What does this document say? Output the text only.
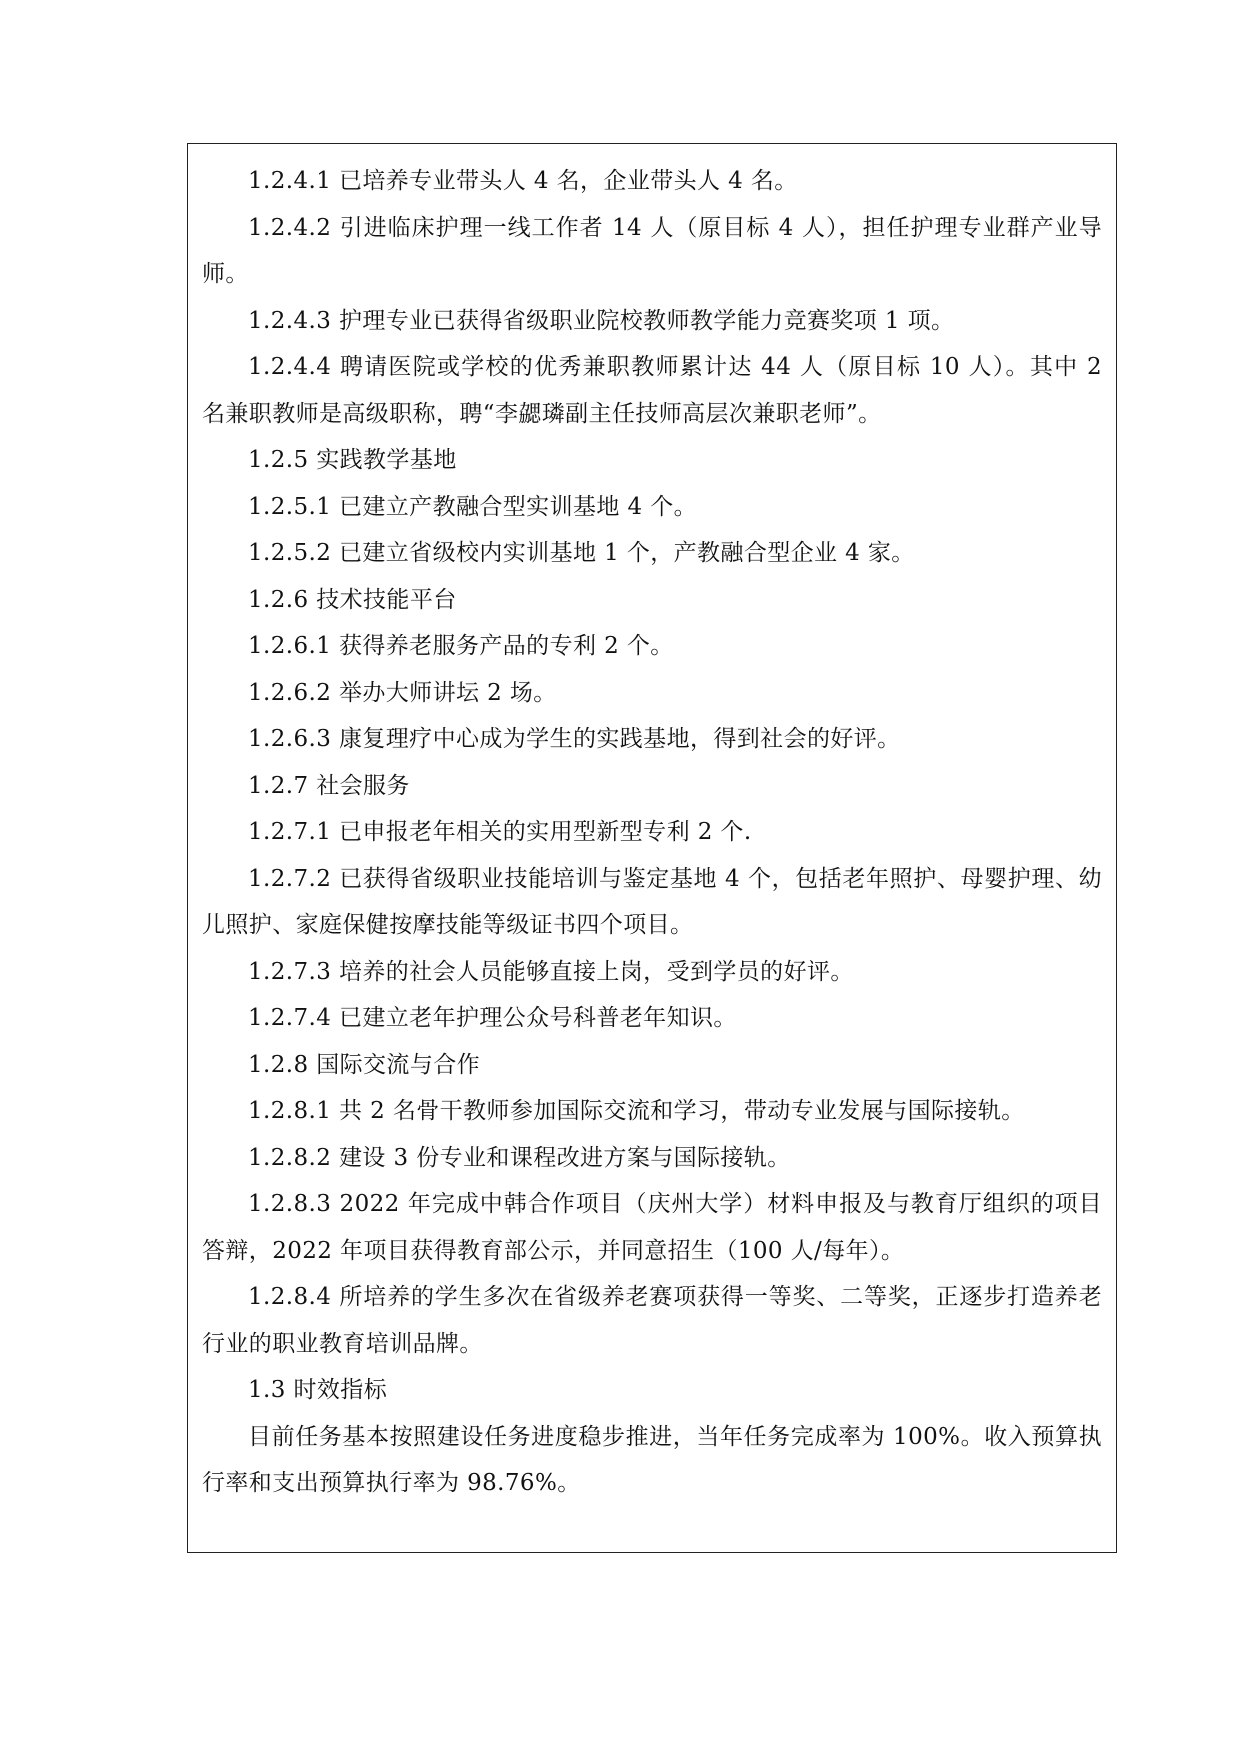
1.2.4.1 已培养专业带头人 4 名，企业带头人 4 名。

1.2.4.2 引进临床护理一线工作者 14 人（原目标 4 人），担任护理专业群产业导师。

1.2.4.3 护理专业已获得省级职业院校教师教学能力竞赛奖项 1 项。

1.2.4.4 聘请医院或学校的优秀兼职教师累计达 44 人（原目标 10 人）。其中 2 名兼职教师是高级职称，聘“李勰璘副主任技师高层次兼职老师”。

1.2.5 实践教学基地

1.2.5.1 已建立产教融合型实训基地 4 个。

1.2.5.2 已建立省级校内实训基地 1 个，产教融合型企业 4 家。

1.2.6 技术技能平台

1.2.6.1 获得养老服务产品的专利 2 个。

1.2.6.2 举办大师讲坛 2 场。

1.2.6.3 康复理疗中心成为学生的实践基地，得到社会的好评。

1.2.7 社会服务

1.2.7.1 已申报老年相关的实用型新型专利 2 个.

1.2.7.2 已获得省级职业技能培训与鉴定基地 4 个，包括老年照护、母婴护理、幼儿照护、家庭保健按摩技能等级证书四个项目。

1.2.7.3 培养的社会人员能够直接上岗，受到学员的好评。

1.2.7.4 已建立老年护理公众号科普老年知识。

1.2.8 国际交流与合作

1.2.8.1 共 2 名骨干教师参加国际交流和学习，带动专业发展与国际接轨。

1.2.8.2 建设 3 份专业和课程改进方案与国际接轨。

1.2.8.3 2022 年完成中韩合作项目（庆州大学）材料申报及与教育厅组织的项目答辩，2022 年项目获得教育部公示，并同意招生（100 人/每年）。

1.2.8.4 所培养的学生多次在省级养老赛项获得一等奖、二等奖，正逐步打造养老行业的职业教育培训品牌。

1.3 时效指标

目前任务基本按照建设任务进度稳步推进，当年任务完成率为 100%。收入预算执行率和支出预算执行率为 98.76%。
